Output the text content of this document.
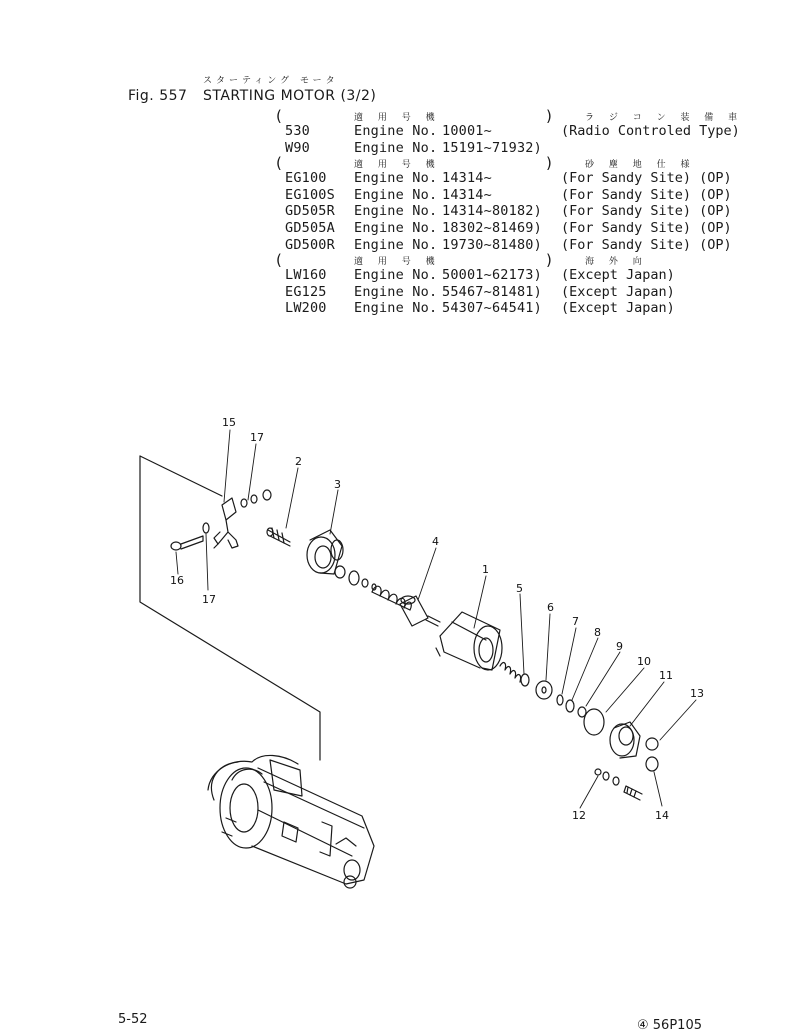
スターティング モータ
Fig. 557 STARTING MOTOR (3/2)
適 用 号 機	ラ ジ コ ン 装 備 車
(	)
530	Engine No. 10001~	(Radio Controled Type)
W90	Engine No. 15191~71932)
適 用 号 機	砂 塵 地 仕 様
(	)
EG100 Engine No. 14314~	(For Sandy Site) (OP)
EG100S Engine No. 14314~	(For Sandy Site) (OP)
GD505R Engine No. 14314~80182) (For Sandy Site) (OP)
GD505A Engine No. 18302~81469) (For Sandy Site) (OP)
GD500R Engine No. 19730~81480) (For Sandy Site) (OP)
適 用 号 機	海 外 向
(	)
LW160 Engine No. 50001~62173) (Except Japan)
EG125 Engine No. 55467~81481) (Except Japan)
LW200 Engine No. 54307~64541) (Except Japan)
15
17
2
3
4
1
5
6
7
8
9
10
11
13
16
17
12	14
5-52	④ 56P105
